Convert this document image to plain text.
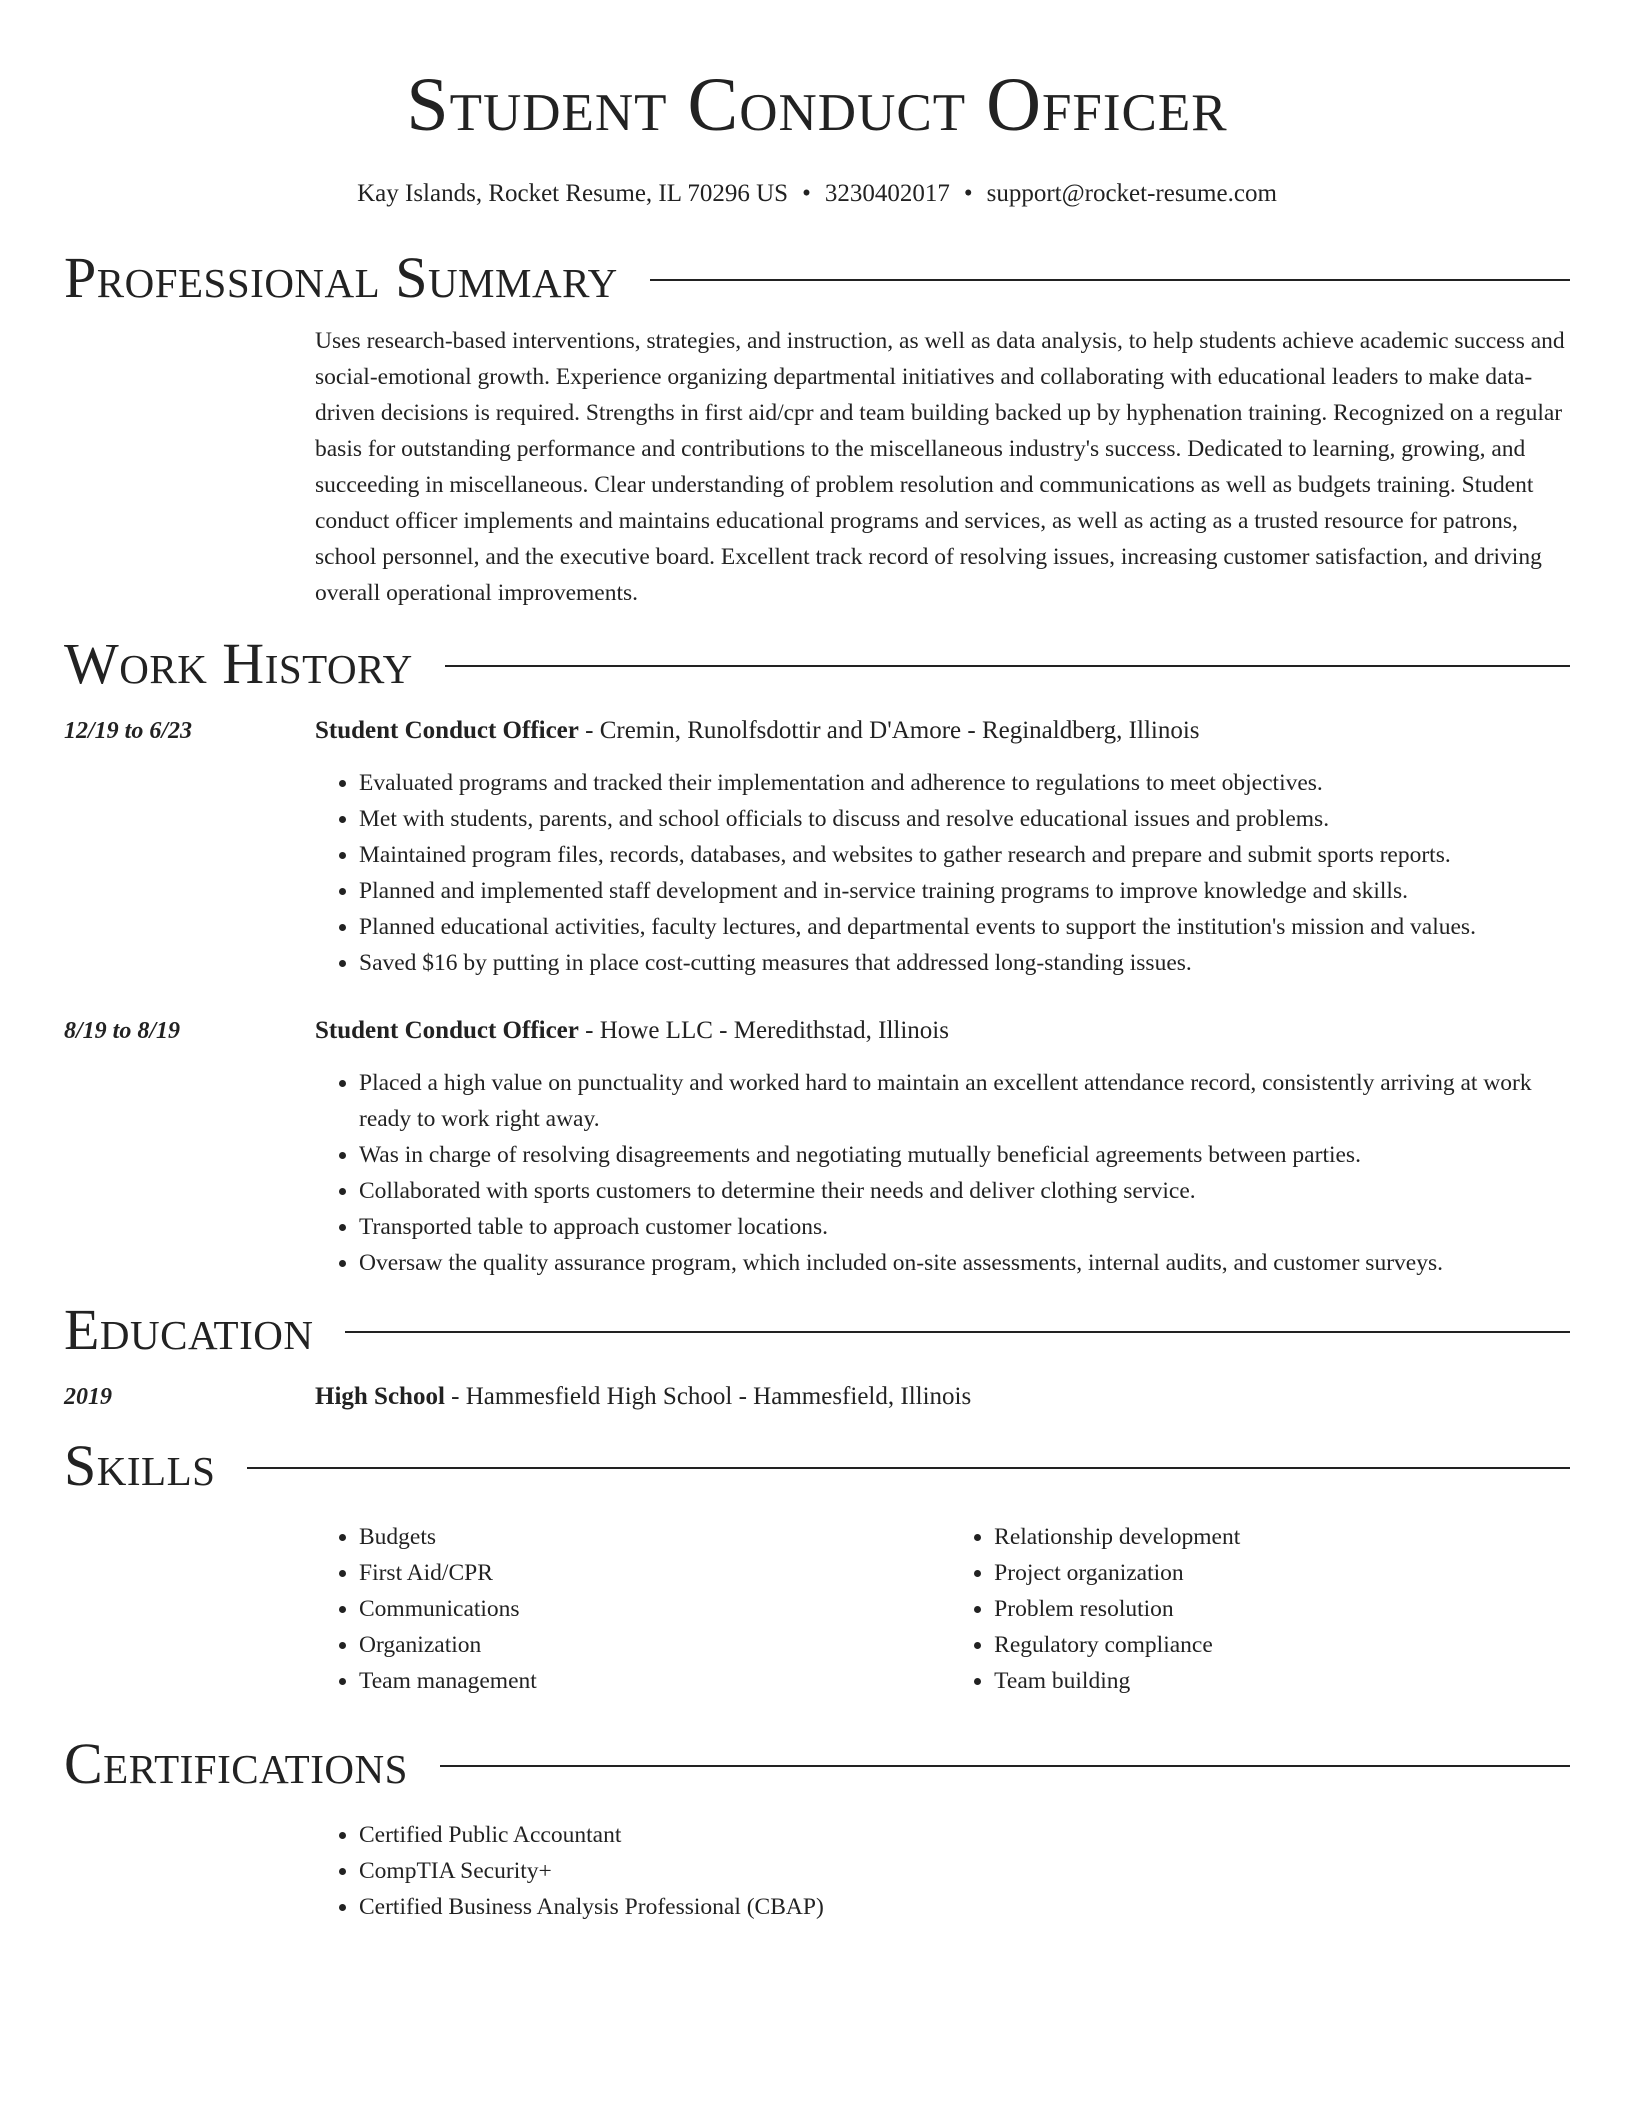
Student Conduct Officer
Kay Islands, Rocket Resume, IL 70296 US • 3230402017 • support@rocket-resume.com
Professional Summary
Uses research-based interventions, strategies, and instruction, as well as data analysis, to help students achieve academic success and social-emotional growth. Experience organizing departmental initiatives and collaborating with educational leaders to make data-driven decisions is required. Strengths in first aid/cpr and team building backed up by hyphenation training. Recognized on a regular basis for outstanding performance and contributions to the miscellaneous industry's success. Dedicated to learning, growing, and succeeding in miscellaneous. Clear understanding of problem resolution and communications as well as budgets training. Student conduct officer implements and maintains educational programs and services, as well as acting as a trusted resource for patrons, school personnel, and the executive board. Excellent track record of resolving issues, increasing customer satisfaction, and driving overall operational improvements.
Work History
12/19 to 6/23	Student Conduct Officer - Cremin, Runolfsdottir and D'Amore - Reginaldberg, Illinois
• Evaluated programs and tracked their implementation and adherence to regulations to meet objectives.
• Met with students, parents, and school officials to discuss and resolve educational issues and problems.
• Maintained program files, records, databases, and websites to gather research and prepare and submit sports reports.
• Planned and implemented staff development and in-service training programs to improve knowledge and skills.
• Planned educational activities, faculty lectures, and departmental events to support the institution's mission and values.
• Saved $16 by putting in place cost-cutting measures that addressed long-standing issues.
8/19 to 8/19	Student Conduct Officer - Howe LLC - Meredithstad, Illinois
• Placed a high value on punctuality and worked hard to maintain an excellent attendance record, consistently arriving at work ready to work right away.
• Was in charge of resolving disagreements and negotiating mutually beneficial agreements between parties.
• Collaborated with sports customers to determine their needs and deliver clothing service.
• Transported table to approach customer locations.
• Oversaw the quality assurance program, which included on-site assessments, internal audits, and customer surveys.
Education
2019	High School - Hammesfield High School - Hammesfield, Illinois
Skills
• Budgets
• First Aid/CPR
• Communications
• Organization
• Team management
• Relationship development
• Project organization
• Problem resolution
• Regulatory compliance
• Team building
Certifications
• Certified Public Accountant
• CompTIA Security+
• Certified Business Analysis Professional (CBAP)
